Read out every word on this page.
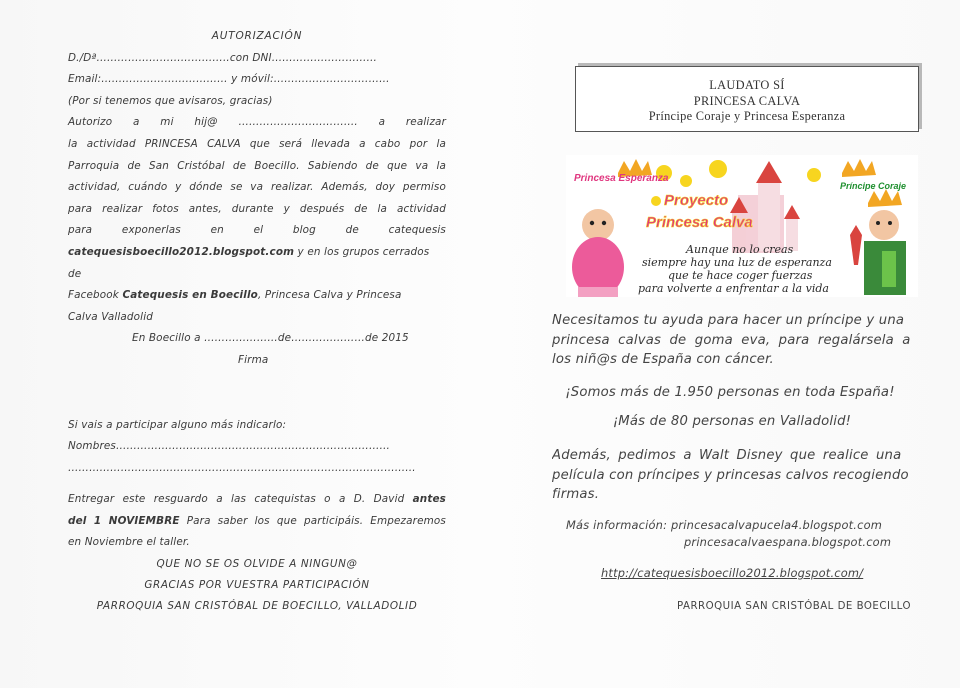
AUTORIZACIÓN

D./Dª………………………………..con DNI…………………………

Email:……………………………… y móvil:……………………………

(Por si tenemos que avisaros, gracias)

Autorizo a mi hij@ ……………………………. a realizar

la actividad PRINCESA CALVA que será llevada a cabo por la

Parroquia de San Cristóbal de Boecillo. Sabiendo de que va la

actividad, cuándo y dónde se va realizar. Además, doy permiso

para realizar fotos antes, durante y después de la actividad

para exponerlas en el blog de catequesis

catequesisboecillo2012.blogspot.com y en los grupos cerrados de

Facebook Catequesis en Boecillo, Princesa Calva y Princesa

Calva Valladolid

En Boecillo a …………………de…………………de 2015

Firma

Si vais a participar alguno más indicarlo:

Nombres……………………………………………………………………

………………………………………………………………………………………

Entregar este resguardo a las catequistas o a D. David antes

del 1 NOVIEMBRE Para saber los que participáis. Empezaremos

en Noviembre el taller.

QUE NO SE OS OLVIDE A NINGUN@

GRACIAS POR VUESTRA PARTICIPACIÓN

PARROQUIA SAN CRISTÓBAL DE BOECILLO, VALLADOLID

LAUDATO SÍ
PRINCESA CALVA
Príncipe Coraje y Princesa Esperanza
Princesa Esperanza
Proyecto
Princesa Calva
Príncipe Coraje
Aunque no lo creas
siempre hay una luz de esperanza
que te hace coger fuerzas
para volverte a enfrentar a la vida
Necesitamos tu ayuda para hacer un príncipe y una
princesa calvas de goma eva, para regalársela a
los niñ@s de España con cáncer.
¡Somos más de 1.950 personas en toda España!
¡Más de 80 personas en Valladolid!
Además, pedimos a Walt Disney que realice una
película con príncipes y princesas calvos recogiendo
firmas.
Más información: princesacalvapucela4.blogspot.com
princesacalvaespana.blogspot.com
http://catequesisboecillo2012.blogspot.com/
PARROQUIA SAN CRISTÓBAL DE BOECILLO
